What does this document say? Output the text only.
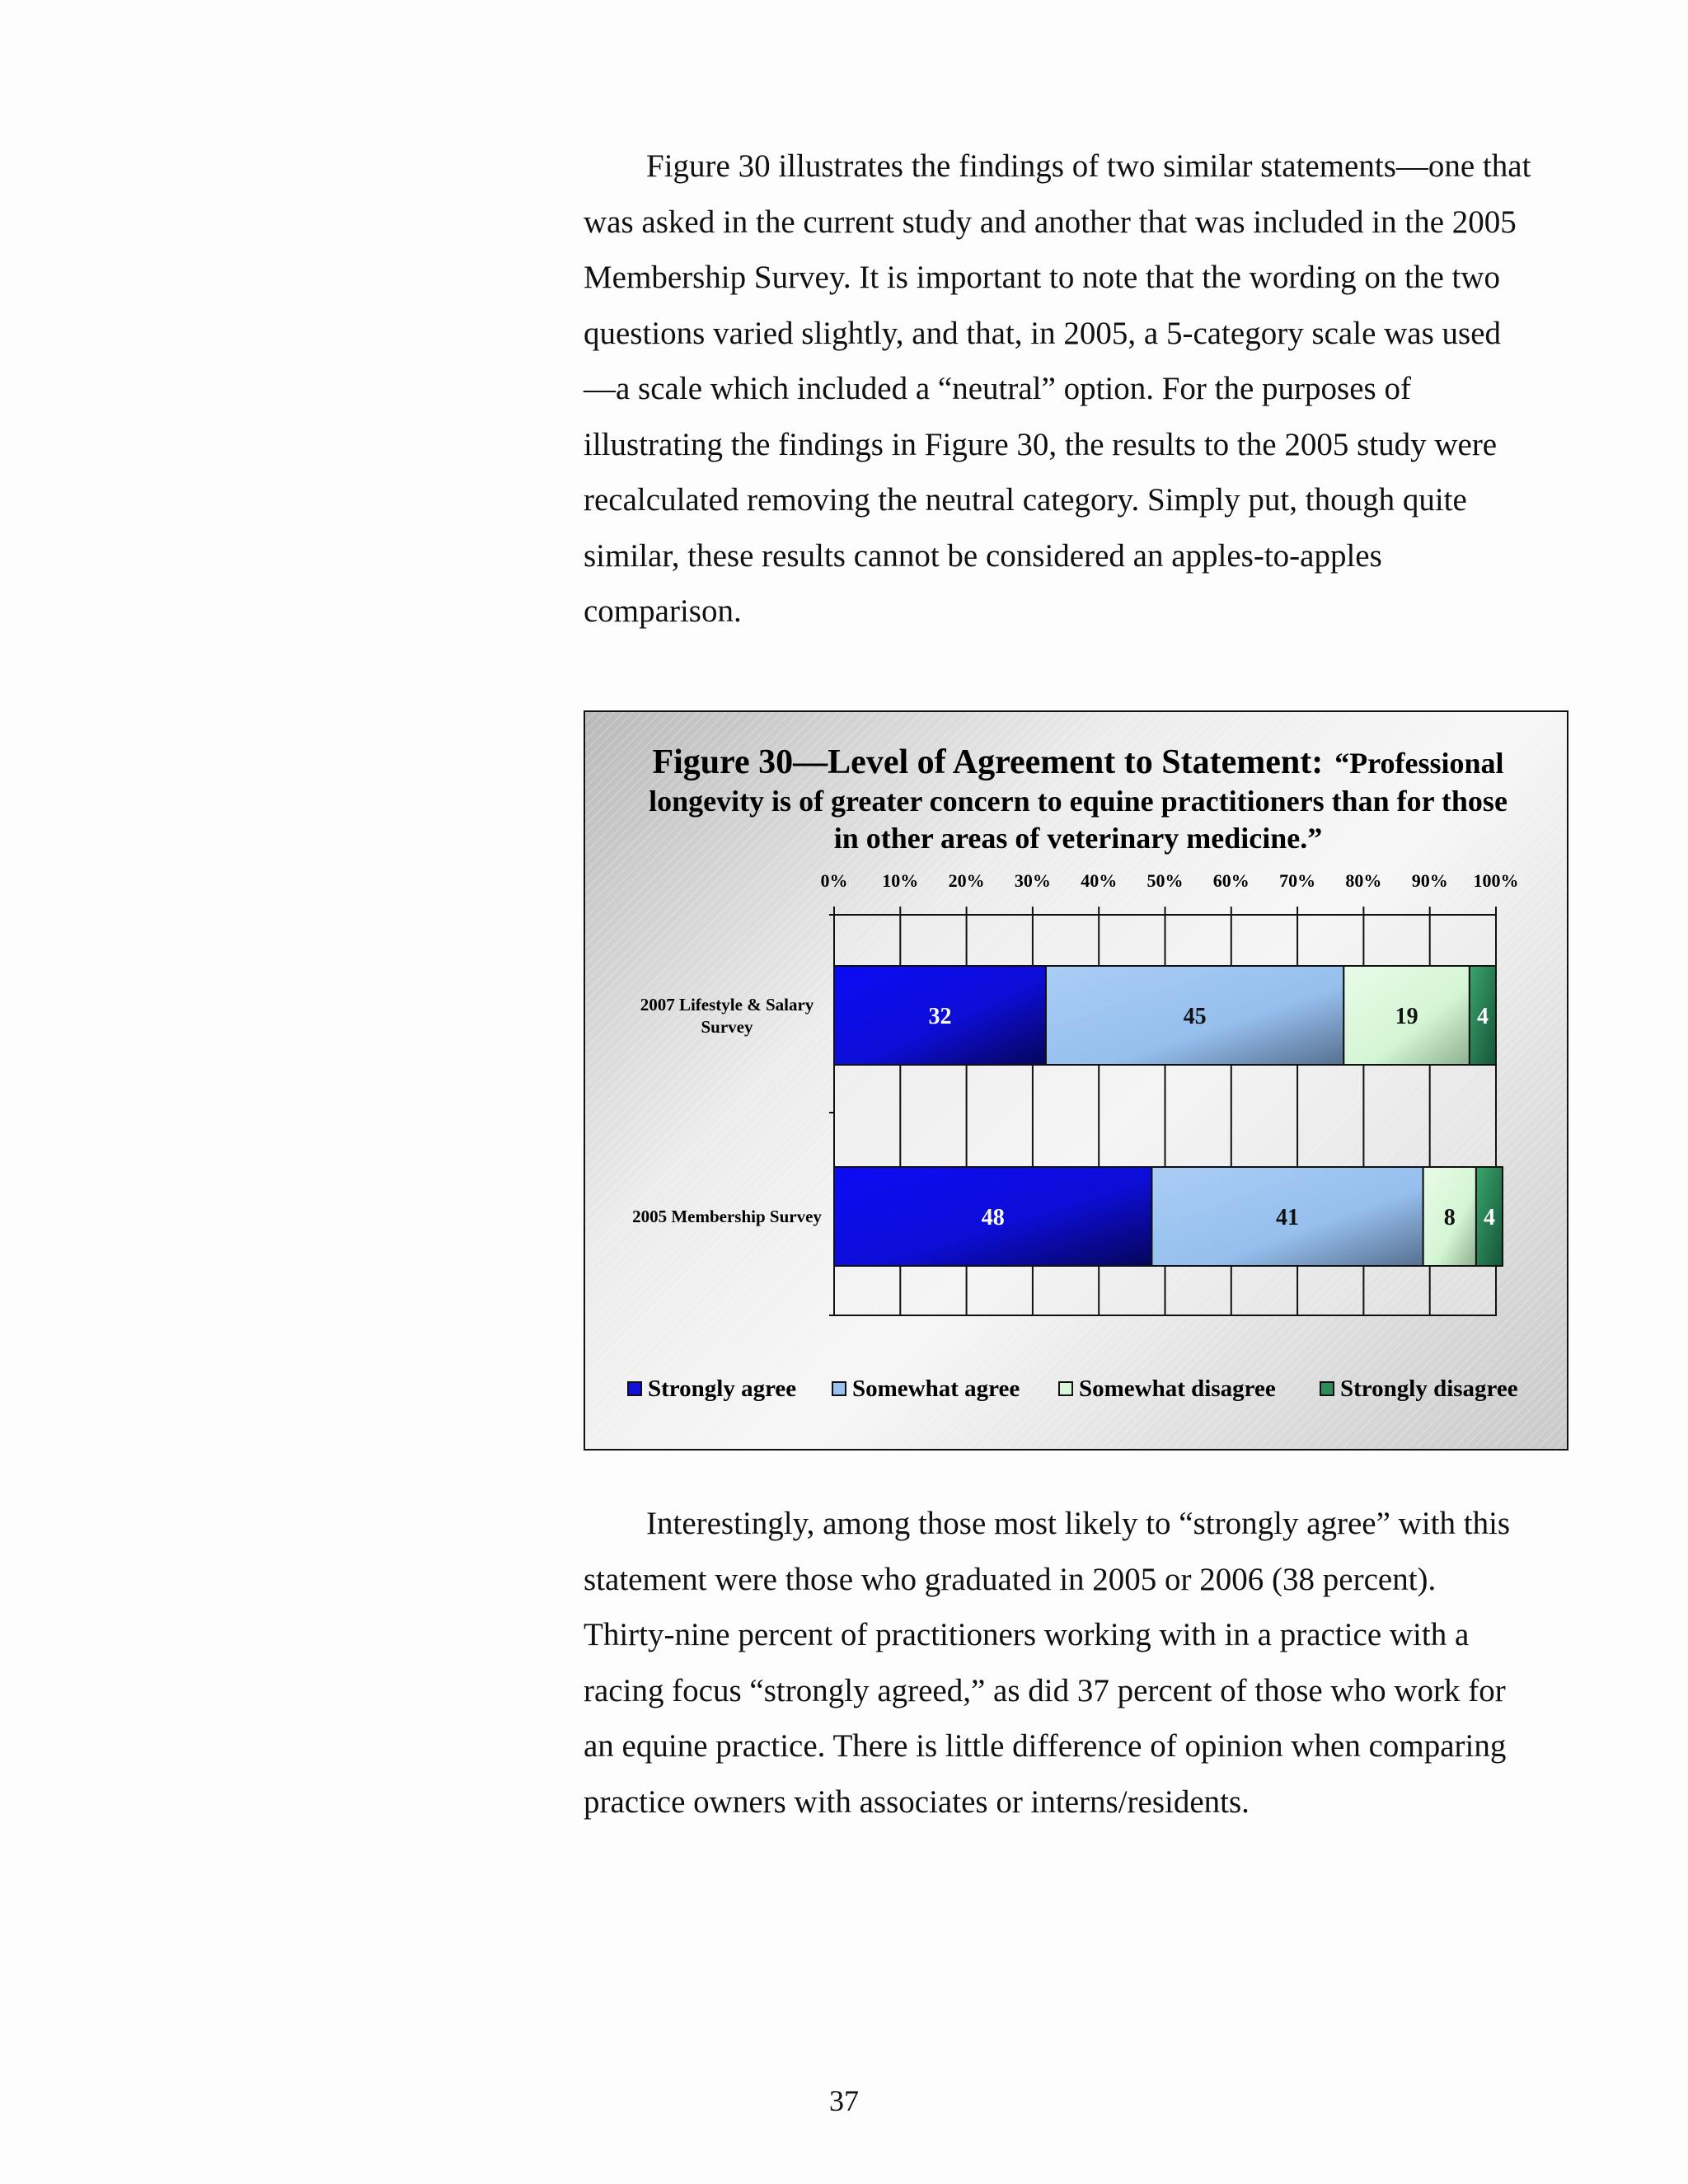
Figure 30 illustrates the findings of two similar statements—one that was asked in the current study and another that was included in the 2005 Membership Survey. It is important to note that the wording on the two questions varied slightly, and that, in 2005, a 5-category scale was used—a scale which included a “neutral” option. For the purposes of illustrating the findings in Figure 30, the results to the 2005 study were recalculated removing the neutral category. Simply put, though quite similar, these results cannot be considered an apples-to-apples comparison.

Figure 30—Level of Agreement to Statement: “Professional
longevity is of greater concern to equine practitioners than for those
in other areas of veterinary medicine.”
0% 10% 20% 30% 40% 50% 60% 70% 80% 90% 100%
32	45	19	4
48	41	8 4
2007 Lifestyle & Salary
Survey
2005 Membership Survey
Strongly agree Somewhat agree Somewhat disagree	Strongly disagree

Interestingly, among those most likely to “strongly agree” with this statement were those who graduated in 2005 or 2006 (38 percent). Thirty-nine percent of practitioners working with in a practice with a racing focus “strongly agreed,” as did 37 percent of those who work for an equine practice. There is little difference of opinion when comparing practice owners with associates or interns/residents.

37
